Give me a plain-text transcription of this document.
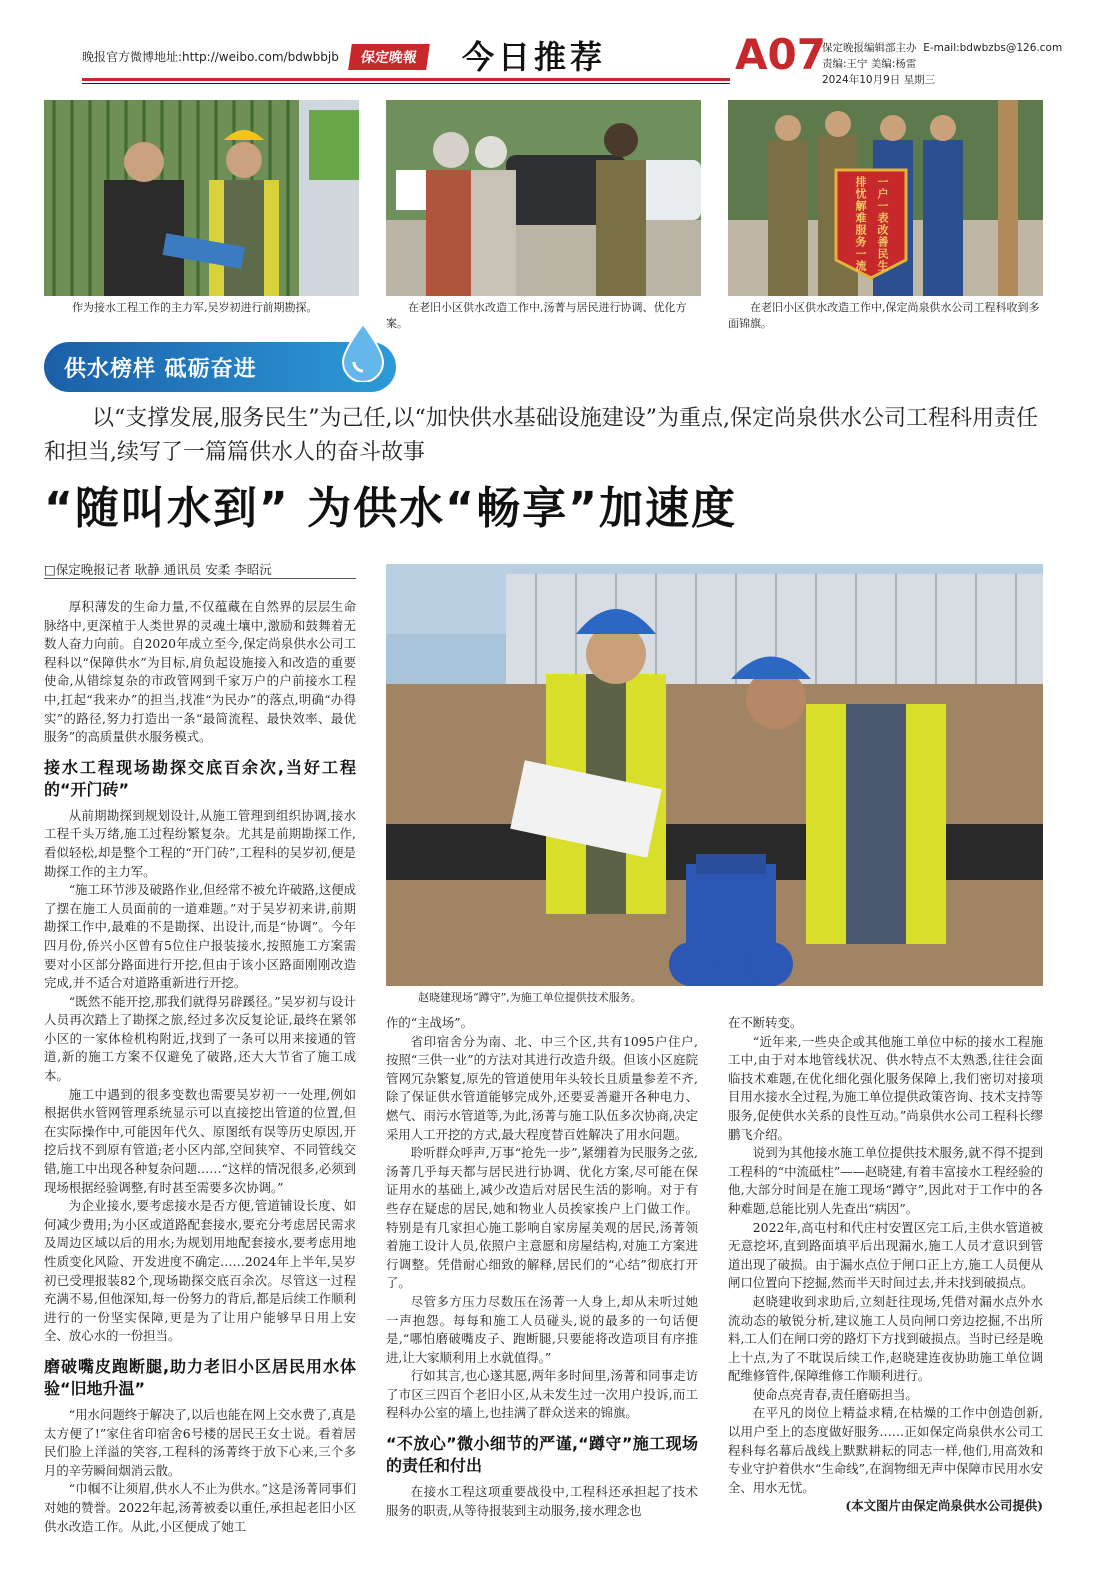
晚报官方微博地址:http://weibo.com/bdwbbjb	保定晚報	今日推荐	A07
保定晚报编辑部主办 E-mail:bdwbzbs@126.com
责编:王宁 美编:杨雷
2024年10月9日 星期三
作为接水工程工作的主力军,吴岁初进行前期勘探。	在老旧小区供水改造工作中,汤菁与居民进行协调、优化方案。
排忧解难服务一流 一户一表改善民生
在老旧小区供水改造工作中,保定尚泉供水公司工程科收到多面锦旗。
供水榜样 砥砺奋进
以“支撑发展,服务民生”为己任,以“加快供水基础设施建设”为重点,保定尚泉供水公司工程科用责任和担当,续写了一篇篇供水人的奋斗故事
“随叫水到” 为供水“畅享”加速度
□保定晚报记者 耿静 通讯员 安柔 李昭沅
赵晓建现场“蹲守”,为施工单位提供技术服务。

厚积薄发的生命力量,不仅蕴藏在自然界的层层生命脉络中,更深植于人类世界的灵魂土壤中,激励和鼓舞着无数人奋力向前。自2020年成立至今,保定尚泉供水公司工程科以“保障供水”为目标,肩负起设施接入和改造的重要使命,从错综复杂的市政管网到千家万户的户前接水工程中,扛起“我来办”的担当,找准“为民办”的落点,明确“办得实”的路径,努力打造出一条“最简流程、最快效率、最优服务”的高质量供水服务模式。

接水工程现场勘探交底百余次,当好工程的“开门砖”

从前期勘探到规划设计,从施工管理到组织协调,接水工程千头万绪,施工过程纷繁复杂。尤其是前期勘探工作,看似轻松,却是整个工程的“开门砖”,工程科的吴岁初,便是勘探工作的主力军。

“施工环节涉及破路作业,但经常不被允许破路,这便成了摆在施工人员面前的一道难题。”对于吴岁初来讲,前期勘探工作中,最难的不是勘探、出设计,而是“协调”。今年四月份,侨兴小区曾有5位住户报装接水,按照施工方案需要对小区部分路面进行开挖,但由于该小区路面刚刚改造完成,并不适合对道路重新进行开挖。

“既然不能开挖,那我们就得另辟蹊径。”吴岁初与设计人员再次踏上了勘探之旅,经过多次反复论证,最终在紧邻小区的一家体检机构附近,找到了一条可以用来接通的管道,新的施工方案不仅避免了破路,还大大节省了施工成本。

施工中遇到的很多变数也需要吴岁初一一处理,例如根据供水管网管理系统显示可以直接挖出管道的位置,但在实际操作中,可能因年代久、原图纸有误等历史原因,开挖后找不到原有管道;老小区内部,空间狭窄、不同管线交错,施工中出现各种复杂问题……“这样的情况很多,必须到现场根据经验调整,有时甚至需要多次协调。”

为企业接水,要考虑接水是否方便,管道铺设长度、如何减少费用;为小区或道路配套接水,要充分考虑居民需求及周边区域以后的用水;为规划用地配套接水,要考虑用地性质变化风险、开发进度不确定……2024年上半年,吴岁初已受理报装82个,现场勘探交底百余次。尽管这一过程充满不易,但他深知,每一份努力的背后,都是后续工作顺利进行的一份坚实保障,更是为了让用户能够早日用上安全、放心水的一份担当。

磨破嘴皮跑断腿,助力老旧小区居民用水体验“旧地升温”

“用水问题终于解决了,以后也能在网上交水费了,真是太方便了!”家住省印宿舍6号楼的居民王女士说。看着居民们脸上洋溢的笑容,工程科的汤菁终于放下心来,三个多月的辛劳瞬间烟消云散。

“巾帼不让须眉,供水人不止为供水。”这是汤菁同事们对她的赞誉。2022年起,汤菁被委以重任,承担起老旧小区供水改造工作。从此,小区便成了她工

作的“主战场”。

省印宿舍分为南、北、中三个区,共有1095户住户,按照“三供一业”的方法对其进行改造升级。但该小区庭院管网冗杂繁复,原先的管道使用年头较长且质量参差不齐,除了保证供水管道能够完成外,还要妥善避开各种电力、燃气、雨污水管道等,为此,汤菁与施工队伍多次协商,决定采用人工开挖的方式,最大程度替百姓解决了用水问题。

聆听群众呼声,万事“抢先一步”,紧绷着为民服务之弦,汤菁几乎每天都与居民进行协调、优化方案,尽可能在保证用水的基础上,减少改造后对居民生活的影响。对于有些存在疑虑的居民,她和物业人员挨家挨户上门做工作。特别是有几家担心施工影响自家房屋美观的居民,汤菁领着施工设计人员,依照户主意愿和房屋结构,对施工方案进行调整。凭借耐心细致的解释,居民们的“心结”彻底打开了。

尽管多方压力尽数压在汤菁一人身上,却从未听过她一声抱怨。每每和施工人员碰头,说的最多的一句话便是,“哪怕磨破嘴皮子、跑断腿,只要能将改造项目有序推进,让大家顺利用上水就值得。”

行如其言,也心遂其愿,两年多时间里,汤菁和同事走访了市区三四百个老旧小区,从未发生过一次用户投诉,而工程科办公室的墙上,也挂满了群众送来的锦旗。

“不放心”微小细节的严谨,“蹲守”施工现场的责任和付出

在接水工程这项重要战役中,工程科还承担起了技术服务的职责,从等待报装到主动服务,接水理念也

在不断转变。

“近年来,一些央企或其他施工单位中标的接水工程施工中,由于对本地管线状况、供水特点不太熟悉,往往会面临技术难题,在优化细化强化服务保障上,我们密切对接项目用水接水全过程,为施工单位提供政策咨询、技术支持等服务,促使供水关系的良性互动。”尚泉供水公司工程科长缪鹏飞介绍。

说到为其他接水施工单位提供技术服务,就不得不提到工程科的“中流砥柱”——赵晓建,有着丰富接水工程经验的他,大部分时间是在施工现场“蹲守”,因此对于工作中的各种难题,总能比别人先查出“病因”。

2022年,高屯村和代庄村安置区完工后,主供水管道被无意挖坏,直到路面填平后出现漏水,施工人员才意识到管道出现了破损。由于漏水点位于闸口正上方,施工人员便从闸口位置向下挖掘,然而半天时间过去,并未找到破损点。

赵晓建收到求助后,立刻赶往现场,凭借对漏水点外水流动态的敏锐分析,建议施工人员向闸口旁边挖掘,不出所料,工人们在闸口旁的路灯下方找到破损点。当时已经是晚上十点,为了不耽误后续工作,赵晓建连夜协助施工单位调配维修管件,保障维修工作顺利进行。

使命点亮青春,责任磨砺担当。

在平凡的岗位上精益求精,在枯燥的工作中创造创新,以用户至上的态度做好服务……正如保定尚泉供水公司工程科每名幕后战线上默默耕耘的同志一样,他们,用高效和专业守护着供水“生命线”,在润物细无声中保障市民用水安全、用水无忧。

(本文图片由保定尚泉供水公司提供)
